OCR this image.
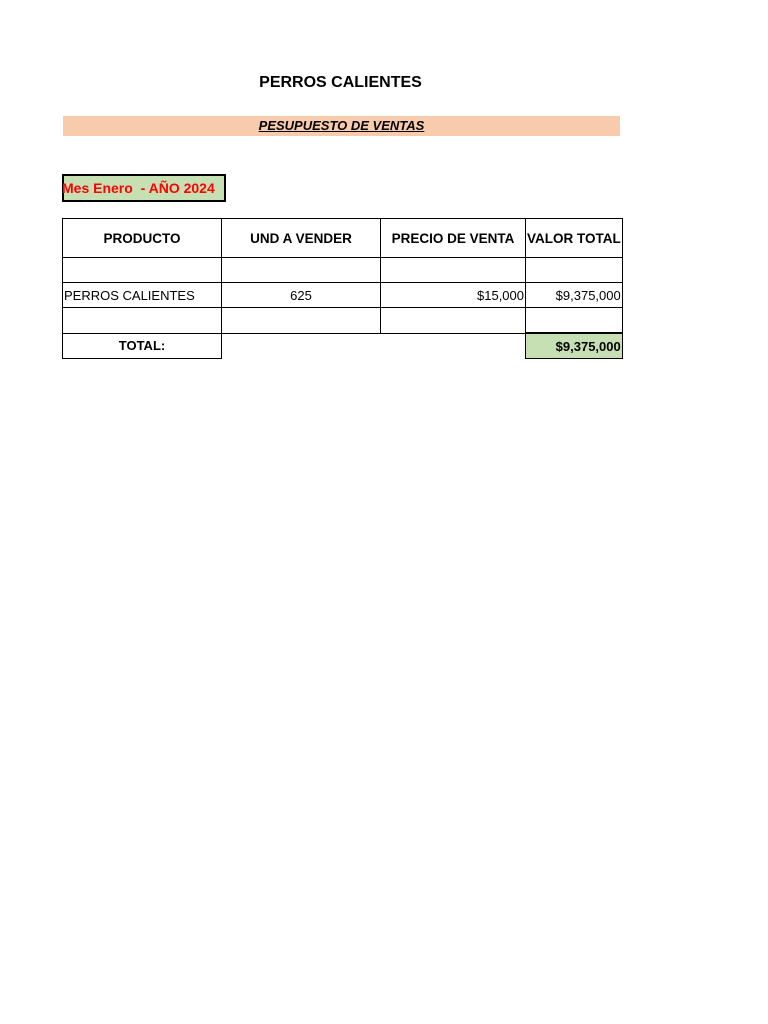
PERROS CALIENTES
PESUPUESTO DE VENTAS
Mes Enero  - AÑO 2024
PRODUCTO	UND A VENDER	PRECIO DE VENTA	VALOR TOTAL

PERROS CALIENTES	625	$15,000	$9,375,000

TOTAL:			$9,375,000
